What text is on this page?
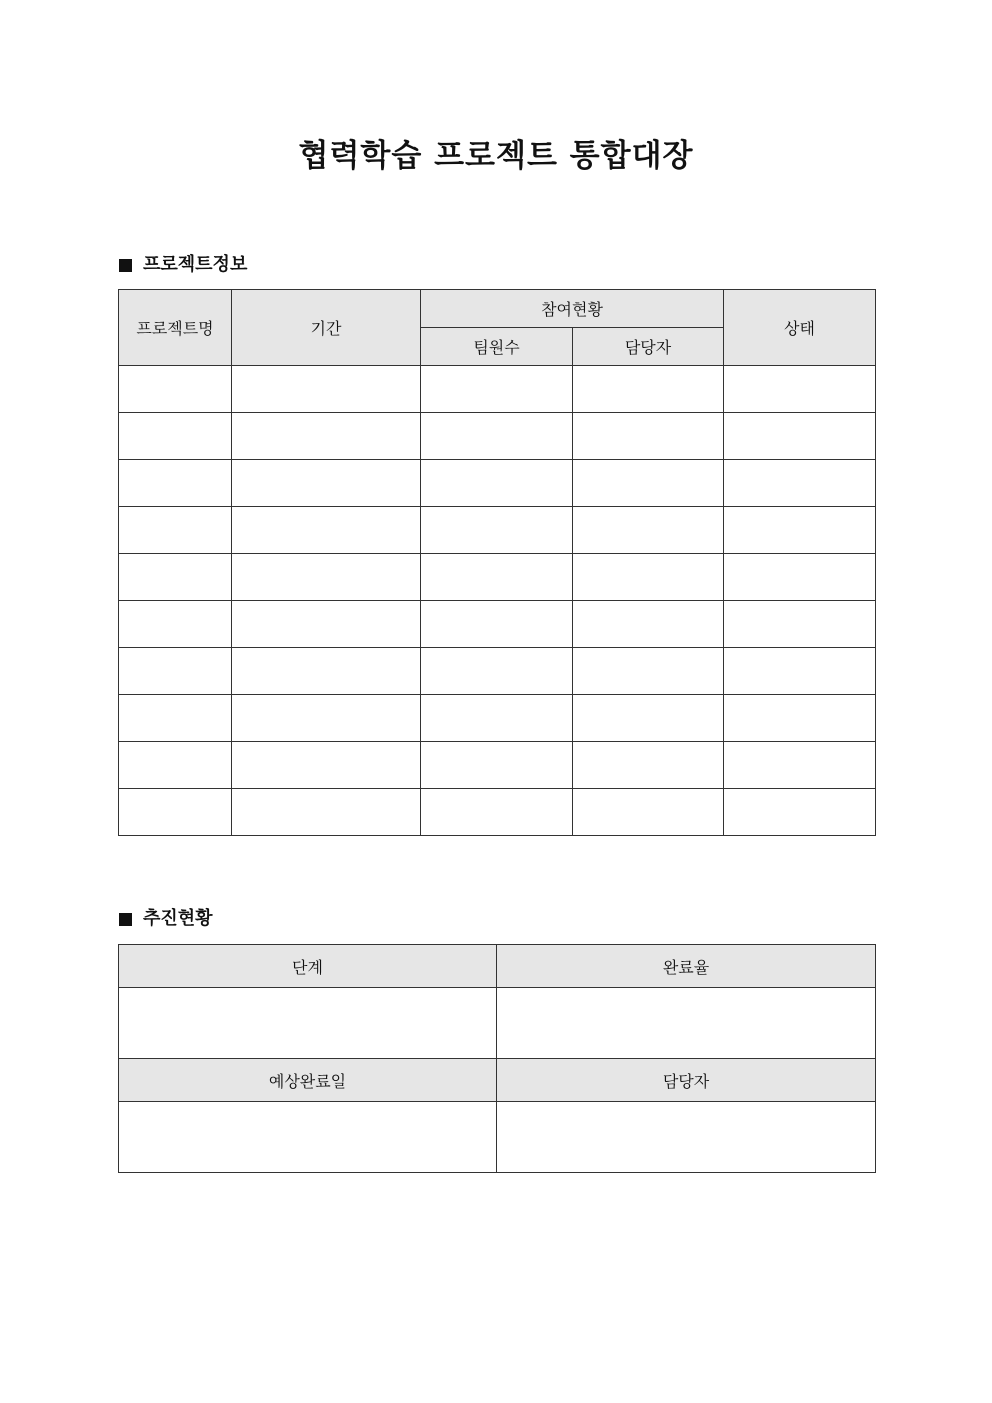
협력학습 프로젝트 통합대장
프로젝트정보
프로젝트명	기간	참여현황		상태
		팀원수	담당자	

추진현황
단계	완료율

예상완료일	담당자
